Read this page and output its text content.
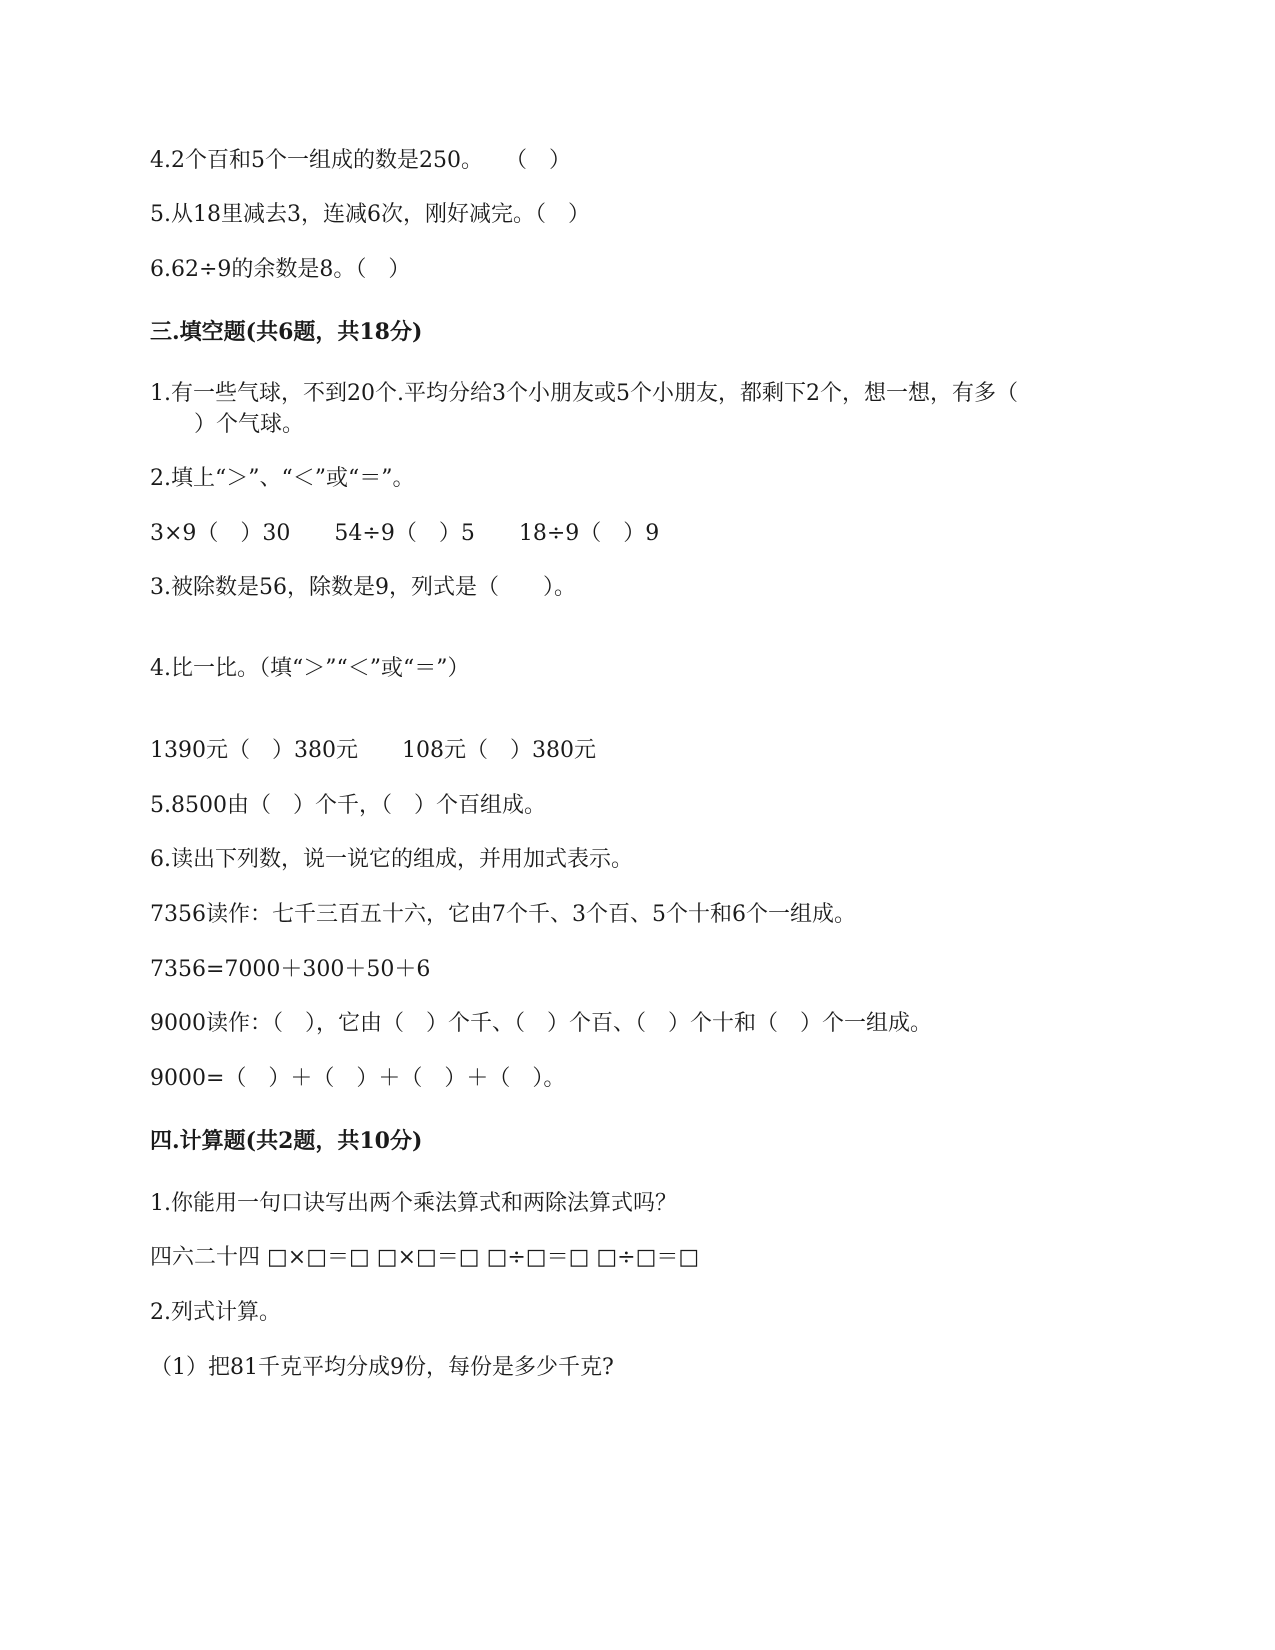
4.2个百和5个一组成的数是250。　　（　）
5.从18里减去3，连减6次，刚好减完。（　）
6.62÷9的余数是8。（　）
三.填空题(共6题，共18分)
1.有一些气球，不到20个.平均分给3个小朋友或5个小朋友，都剩下2个，想一想，有多（
　　）个气球。
2.填上“＞”、“＜”或“＝”。
3×9（　）30　　54÷9（　）5　　18÷9（　）9
3.被除数是56，除数是9，列式是（　　）。
4.比一比。（填“＞”“＜”或“＝”）
1390元（　）380元　　108元（　）380元
5.8500由（　）个千，（　）个百组成。
6.读出下列数，说一说它的组成，并用加式表示。
7356读作：七千三百五十六，它由7个千、3个百、5个十和6个一组成。
7356=7000＋300＋50＋6
9000读作：（　），它由（　）个千、（　）个百、（　）个十和（　）个一组成。
9000=（　）＋（　）＋（　）＋（　）。
四.计算题(共2题，共10分)
1.你能用一句口诀写出两个乘法算式和两除法算式吗？
四六二十四 □×□＝□ □×□＝□ □÷□＝□ □÷□＝□
2.列式计算。
（1）把81千克平均分成9份，每份是多少千克?
